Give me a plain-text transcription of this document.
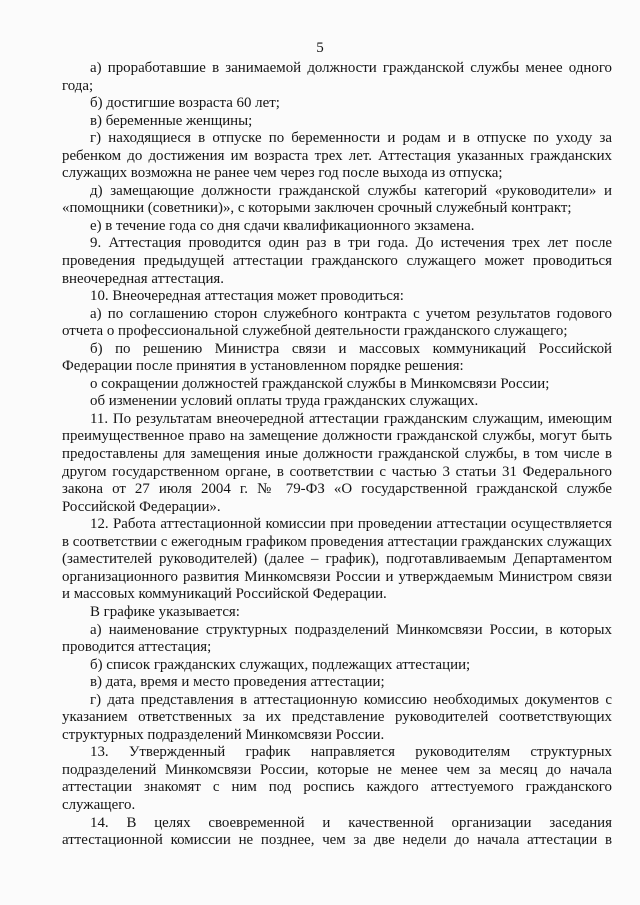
5

а) проработавшие в занимаемой должности гражданской службы менее одного года;

б) достигшие возраста 60 лет;

в) беременные женщины;

г) находящиеся в отпуске по беременности и родам и в отпуске по уходу за ребенком до достижения им возраста трех лет. Аттестация указанных гражданских служащих возможна не ранее чем через год после выхода из отпуска;

д) замещающие должности гражданской службы категорий «руководители» и «помощники (советники)», с которыми заключен срочный служебный контракт;

е) в течение года со дня сдачи квалификационного экзамена.

9. Аттестация проводится один раз в три года. До истечения трех лет после проведения предыдущей аттестации гражданского служащего может проводиться внеочередная аттестация.

10. Внеочередная аттестация может проводиться:

а) по соглашению сторон служебного контракта с учетом результатов годового отчета о профессиональной служебной деятельности гражданского служащего;

б) по решению Министра связи и массовых коммуникаций Российской Федерации после принятия в установленном порядке решения:

о сокращении должностей гражданской службы в Минкомсвязи России;

об изменении условий оплаты труда гражданских служащих.

11. По результатам внеочередной аттестации гражданским служащим, имеющим преимущественное право на замещение должности гражданской службы, могут быть предоставлены для замещения иные должности гражданской службы, в том числе в другом государственном органе, в соответствии с частью 3 статьи 31 Федерального закона от 27 июля 2004 г. № 79-ФЗ «О государственной гражданской службе Российской Федерации».

12. Работа аттестационной комиссии при проведении аттестации осуществляется в соответствии с ежегодным графиком проведения аттестации гражданских служащих (заместителей руководителей) (далее – график), подготавливаемым Департаментом организационного развития Минкомсвязи России и утверждаемым Министром связи и массовых коммуникаций Российской Федерации.

В графике указывается:

а) наименование структурных подразделений Минкомсвязи России, в которых проводится аттестация;

б) список гражданских служащих, подлежащих аттестации;

в) дата, время и место проведения аттестации;

г) дата представления в аттестационную комиссию необходимых документов с указанием ответственных за их представление руководителей соответствующих структурных подразделений Минкомсвязи России.

13. Утвержденный график направляется руководителям структурных подразделений Минкомсвязи России, которые не менее чем за месяц до начала аттестации знакомят с ним под роспись каждого аттестуемого гражданского служащего.

14. В целях своевременной и качественной организации заседания аттестационной комиссии не позднее, чем за две недели до начала аттестации в
